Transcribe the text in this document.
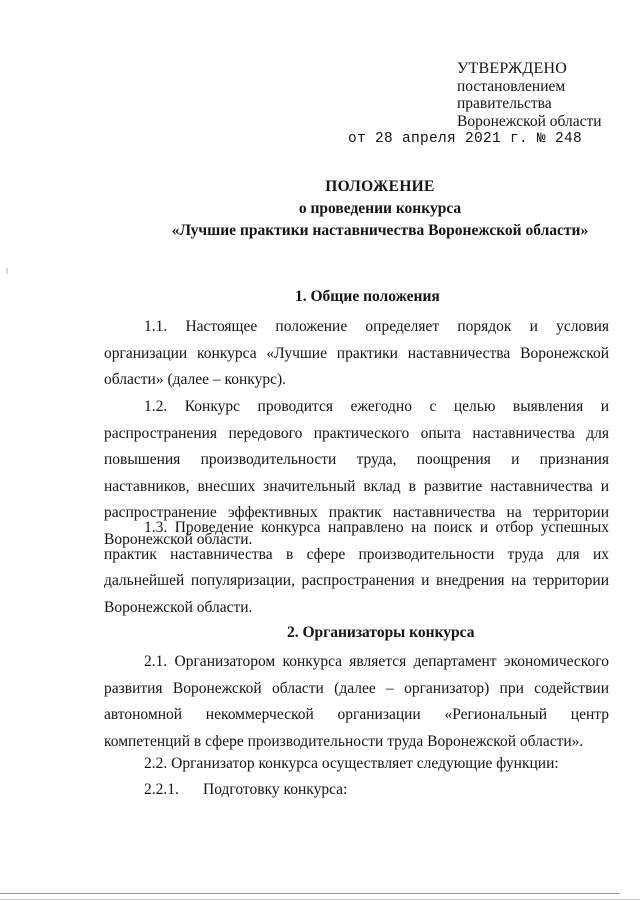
УТВЕРЖДЕНО
постановлением
правительства
Воронежской области
от 28 апреля 2021 г. № 248
ПОЛОЖЕНИЕ
о проведении конкурса
«Лучшие практики наставничества Воронежской области»
1. Общие положения
1.1. Настоящее положение определяет порядок и условия организации конкурса «Лучшие практики наставничества Воронежской области» (далее – конкурс).
1.2. Конкурс проводится ежегодно с целью выявления и распространения передового практического опыта наставничества для повышения производительности труда, поощрения и признания наставников, внесших значительный вклад в развитие наставничества и распространение эффективных практик наставничества на территории Воронежской области.
1.3. Проведение конкурса направлено на поиск и отбор успешных практик наставничества в сфере производительности труда для их дальнейшей популяризации, распространения и внедрения на территории Воронежской области.
2. Организаторы конкурса
2.1. Организатором конкурса является департамент экономического развития Воронежской области (далее – организатор) при содействии автономной некоммерческой организации «Региональный центр компетенций в сфере производительности труда Воронежской области».
2.2. Организатор конкурса осуществляет следующие функции:
2.2.1. Подготовку конкурса:
